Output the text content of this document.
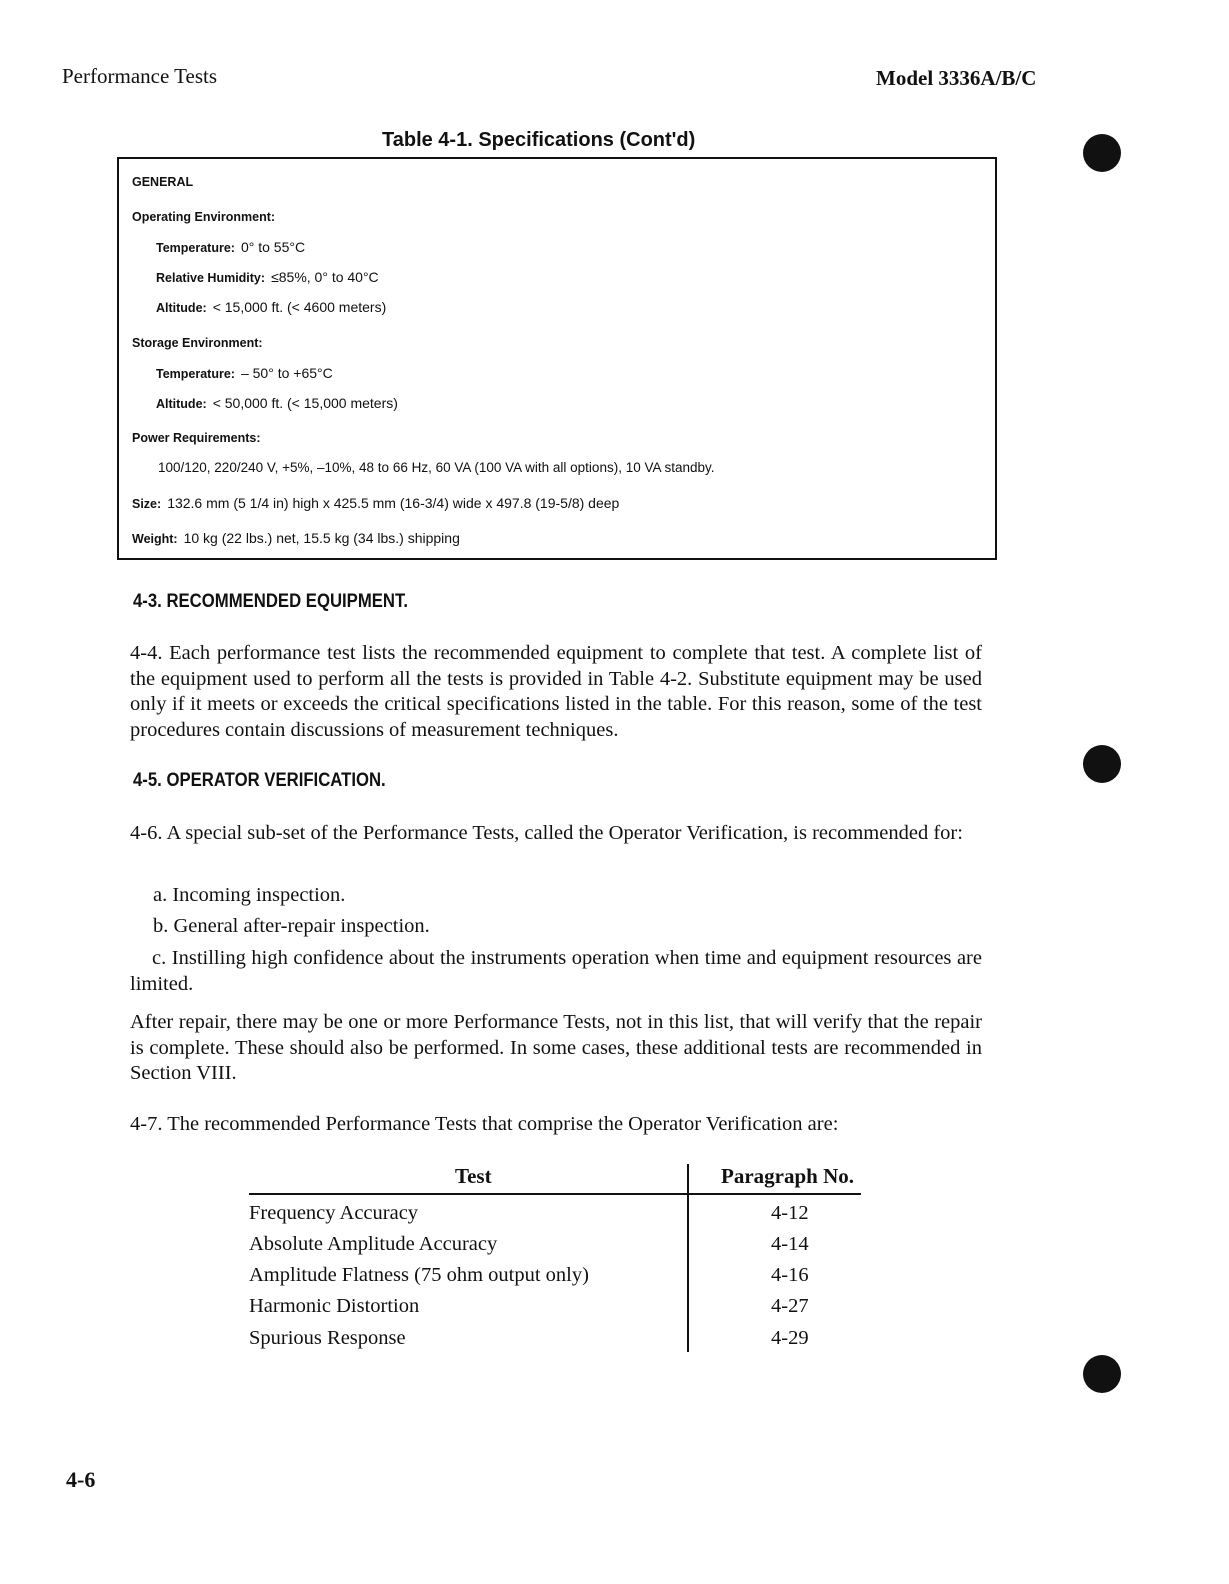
Performance Tests	Model 3336A/B/C
Table 4-1. Specifications (Cont'd)
GENERAL
Operating Environment:
Temperature: 0° to 55°C
Relative Humidity: ≤85%, 0° to 40°C
Altitude: < 15,000 ft. (< 4600 meters)
Storage Environment:
Temperature: – 50° to +65°C
Altitude: < 50,000 ft. (< 15,000 meters)
Power Requirements:
100/120, 220/240 V, +5%, –10%, 48 to 66 Hz, 60 VA (100 VA with all options), 10 VA standby.
Size: 132.6 mm (5 1/4 in) high x 425.5 mm (16-3/4) wide x 497.8 (19-5/8) deep
Weight: 10 kg (22 lbs.) net, 15.5 kg (34 lbs.) shipping
4-3. RECOMMENDED EQUIPMENT.
4-4. Each performance test lists the recommended equipment to complete that test. A complete list of the equipment used to perform all the tests is provided in Table 4-2. Substitute equipment may be used only if it meets or exceeds the critical specifications listed in the table. For this reason, some of the test procedures contain discussions of measurement techniques.
4-5. OPERATOR VERIFICATION.
4-6. A special sub-set of the Performance Tests, called the Operator Verification, is recommended for:
a. Incoming inspection.
b. General after-repair inspection.
c. Instilling high confidence about the instruments operation when time and equipment resources are limited.
After repair, there may be one or more Performance Tests, not in this list, that will verify that the repair is complete. These should also be performed. In some cases, these additional tests are recommended in Section VIII.
4-7. The recommended Performance Tests that comprise the Operator Verification are:
Test	Paragraph No.
Frequency Accuracy	4-12
Absolute Amplitude Accuracy	4-14
Amplitude Flatness (75 ohm output only)	4-16
Harmonic Distortion	4-27
Spurious Response	4-29
4-6
